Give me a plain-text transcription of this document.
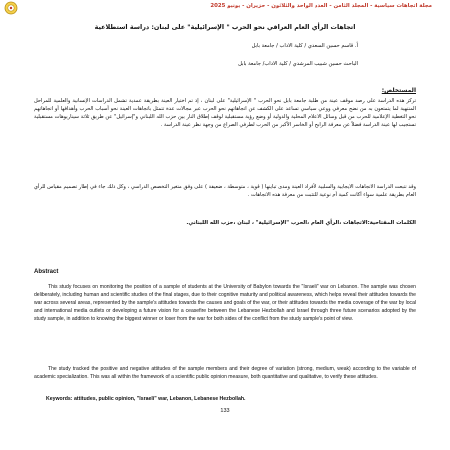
مجلة اتجاهات سياسية - المجلد الثامن - العدد الواحد والثلاثون - حزيران - يونيو 2025
اتجاهات الرأي العام العراقي نحو الحرب " الإسرائيلية" على لبنان: دراسة استطلاعية
أ. قاسم حسين السعدي / كلية الاداب / جامعة بابل
الباحث حسين شبيب المرشدي / كلية الاداب/ جامعة بابل
المستخلص:
تركز هذه الدراسة على رصد موقف عينة من طلبة جامعة بابل نحو الحرب " الإسرائيلية" على لبنان ، إذ تم اختيار العينة بطريقة عمدية تشمل الدراسات الإنسانية والعلمية للمراحل المنتهية لما يتمتعون به من نضج معرفي ووعي سياسي تساعد على الكشف عن اتجاهاتهم نحو الحرب عبر مجالات عدة تتمثل باتجاهات العينة نحو أسباب الحرب وأهدافها أو اتجاهاتهم نحو التغطية الإعلامية للحرب من قبل وسائل الاعلام المحلية والدولية أو وضع رؤية مستقبلية لوقف إطلاق النار بين حزب الله اللبناني و"إسرائيل" عن طريق ثلاثة سيناريوهات مستقبلية تستجيب لها عينة الدراسة فضلاً عن معرفة الرابح أو الخاسر الأكبر من الحرب لطرفي الصراع من وجهة نظر عينة الدراسة .
وقد تتبعت الدراسة الاتجاهات الايجابية والسلبية لأفراد العينة ومدى تباينها ( قوية ، متوسطة ، ضعيفة ) على وفق متغير التخصص الدراسي ، وكل ذلك جاء في إطار تصميم مقياس للرأي العام بطريقة علمية سواء أكانت كمية أم نوعية للتثبت من معرفة هذه الاتجاهات .
الكلمات المفتاحية:الاتجاهات ،الرأي العام ،الحرب "الإسرائيلية" ، لبنان ،حزب الله اللبناني.
Abstract
This study focuses on monitoring the position of a sample of students at the University of Babylon towards the "Israeli" war on Lebanon. The sample was chosen deliberately, including human and scientific studies of the final stages, due to their cognitive maturity and political awareness, which helps reveal their attitudes towards the war across several areas, represented by the sample's attitudes towards the causes and goals of the war, or their attitudes towards the media coverage of the war by local and international media outlets or developing a future vision for a ceasefire between the Lebanese Hezbollah and Israel through three future scenarios adopted by the study sample, in addition to knowing the biggest winner or loser from the war for both sides of the conflict from the study sample's point of view.
The study tracked the positive and negative attitudes of the sample members and their degree of variation (strong, medium, weak) according to the variable of academic specialization. This was all within the framework of a scientific public opinion measure, both quantitative and qualitative, to verify these attitudes.
Keywords: attitudes, public opinion, "Israeli" war, Lebanon, Lebanese Hezbollah.
133
